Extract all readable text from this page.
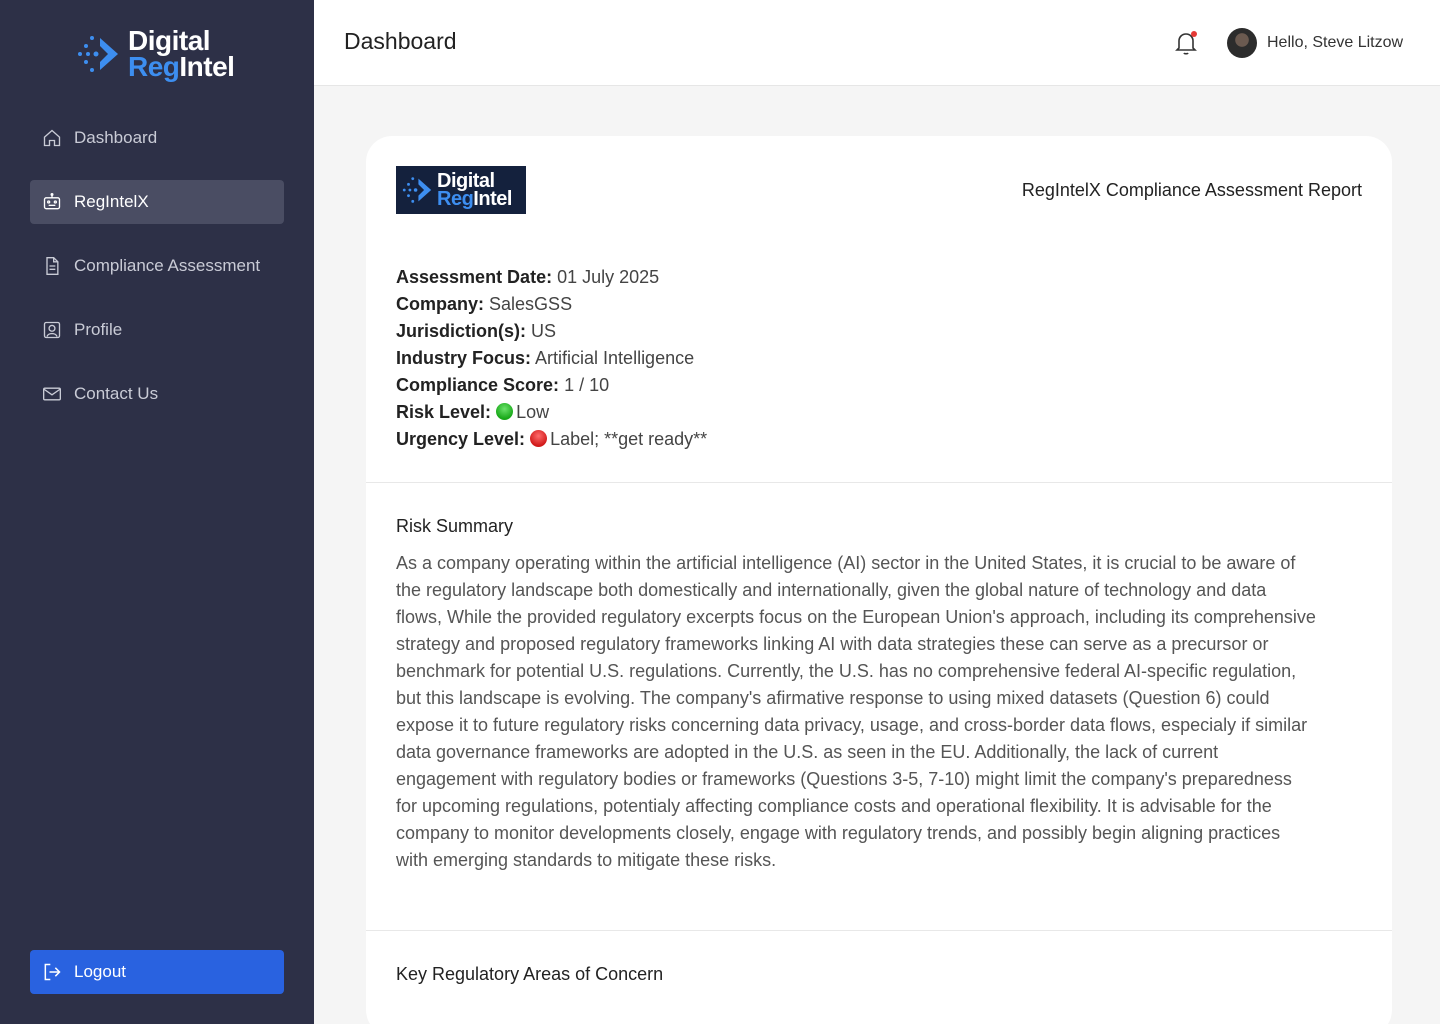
Digital
RegIntel
Dashboard
RegIntelX
Compliance Assessment
Profile
Contact Us
Logout
Dashboard	Hello, Steve Litzow
Digital
RegIntel	RegIntelX Compliance Assessment Report
Assessment Date: 01 July 2025
Company: SalesGSS
Jurisdiction(s): US
Industry Focus: Artificial Intelligence
Compliance Score: 1 / 10
Risk Level: Low
Urgency Level: Label; **get ready**
Risk Summary

As a company operating within the artificial intelligence (AI) sector in the United States, it is crucial to be aware of the regulatory landscape both domestically and internationally, given the global nature of technology and data flows, While the provided regulatory excerpts focus on the European Union's approach, including its comprehensive strategy and proposed regulatory frameworks linking AI with data strategies these can serve as a precursor or benchmark for potential U.S. regulations. Currently, the U.S. has no comprehensive federal AI-specific regulation, but this landscape is evolving. The company's afirmative response to using mixed datasets (Question 6) could expose it to future regulatory risks concerning data privacy, usage, and cross-border data flows, especialy if similar data governance frameworks are adopted in the U.S. as seen in the EU. Additionally, the lack of current engagement with regulatory bodies or frameworks (Questions 3-5, 7-10) might limit the company's preparedness for upcoming regulations, potentialy affecting compliance costs and operational flexibility. It is advisable for the company to monitor developments closely, engage with regulatory trends, and possibly begin aligning practices with emerging standards to mitigate these risks.

Key Regulatory Areas of Concern
